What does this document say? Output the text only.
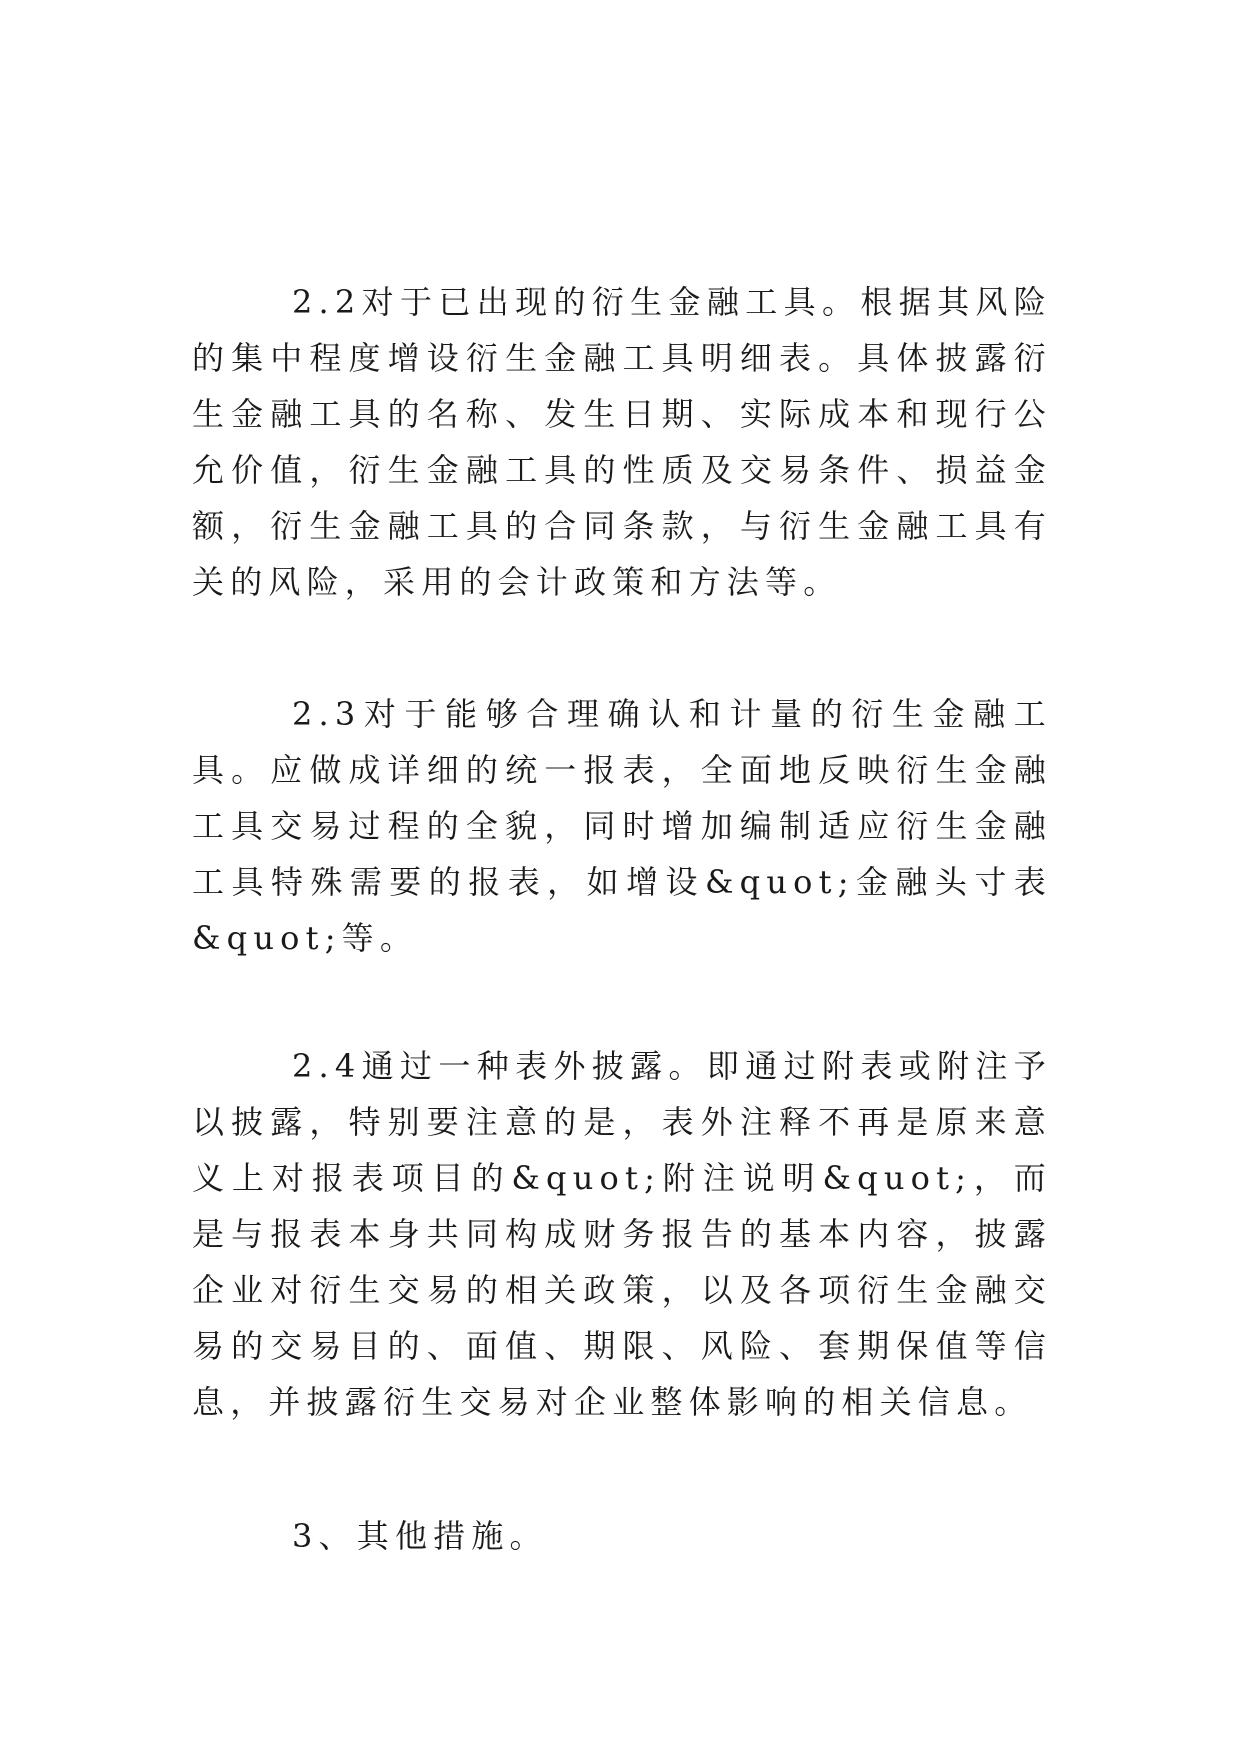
2.2对于已出现的衍生金融工具。根据其风险的集中程度增设衍生金融工具明细表。具体披露衍生金融工具的名称、发生日期、实际成本和现行公允价值，衍生金融工具的性质及交易条件、损益金额，衍生金融工具的合同条款，与衍生金融工具有关的风险，采用的会计政策和方法等。

2.3对于能够合理确认和计量的衍生金融工具。应做成详细的统一报表，全面地反映衍生金融工具交易过程的全貌，同时增加编制适应衍生金融工具特殊需要的报表，如增设&quot;金融头寸表&quot;等。

2.4通过一种表外披露。即通过附表或附注予以披露，特别要注意的是，表外注释不再是原来意义上对报表项目的&quot;附注说明&quot;，而是与报表本身共同构成财务报告的基本内容，披露企业对衍生交易的相关政策，以及各项衍生金融交易的交易目的、面值、期限、风险、套期保值等信息，并披露衍生交易对企业整体影响的相关信息。

3、其他措施。
